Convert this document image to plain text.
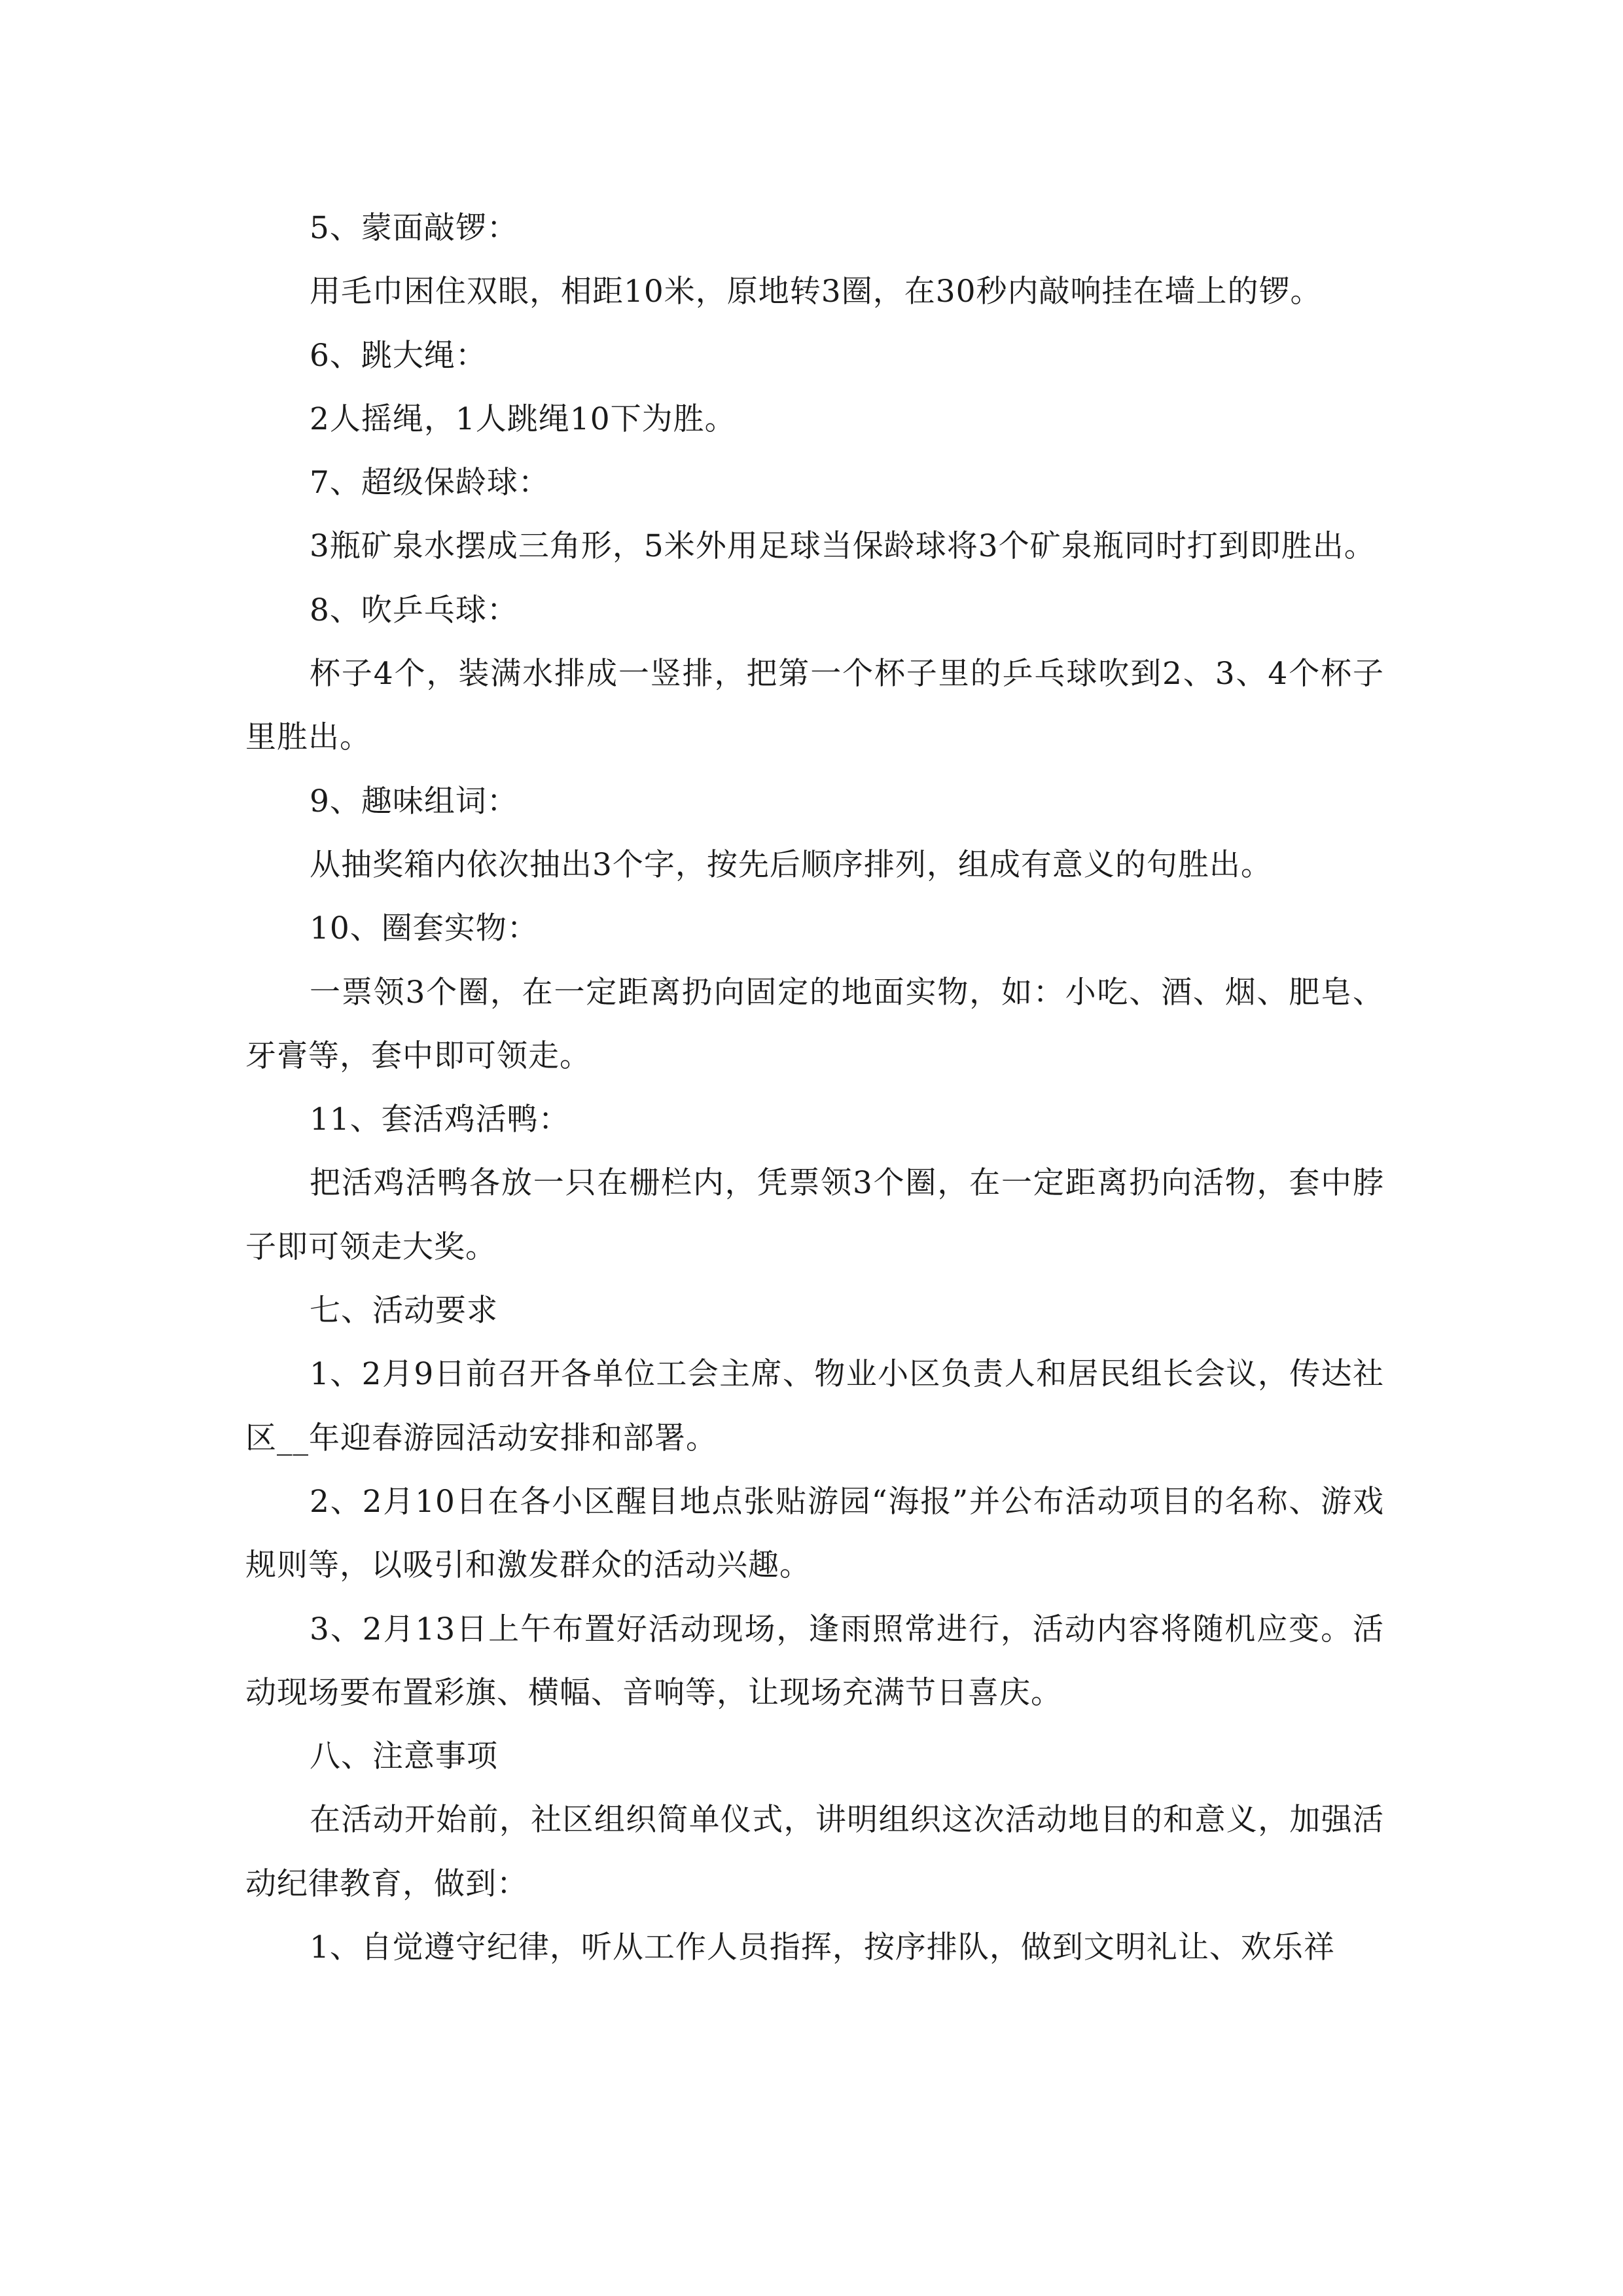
5、蒙面敲锣：

用毛巾困住双眼，相距10米，原地转3圈，在30秒内敲响挂在墙上的锣。

6、跳大绳：

2人摇绳，1人跳绳10下为胜。

7、超级保龄球：

3瓶矿泉水摆成三角形，5米外用足球当保龄球将3个矿泉瓶同时打到即胜出。

8、吹乒乓球：

杯子4个，装满水排成一竖排，把第一个杯子里的乒乓球吹到2、3、4个杯子里胜出。

9、趣味组词：

从抽奖箱内依次抽出3个字，按先后顺序排列，组成有意义的句胜出。

10、圈套实物：

一票领3个圈，在一定距离扔向固定的地面实物，如：小吃、酒、烟、肥皂、牙膏等，套中即可领走。

11、套活鸡活鸭：

把活鸡活鸭各放一只在栅栏内，凭票领3个圈，在一定距离扔向活物，套中脖子即可领走大奖。

七、活动要求

1、2月9日前召开各单位工会主席、物业小区负责人和居民组长会议，传达社区__年迎春游园活动安排和部署。

2、2月10日在各小区醒目地点张贴游园“海报”并公布活动项目的名称、游戏规则等，以吸引和激发群众的活动兴趣。

3、2月13日上午布置好活动现场，逢雨照常进行，活动内容将随机应变。活动现场要布置彩旗、横幅、音响等，让现场充满节日喜庆。

八、注意事项

在活动开始前，社区组织简单仪式，讲明组织这次活动地目的和意义，加强活动纪律教育，做到：

1、自觉遵守纪律，听从工作人员指挥，按序排队，做到文明礼让、欢乐祥
